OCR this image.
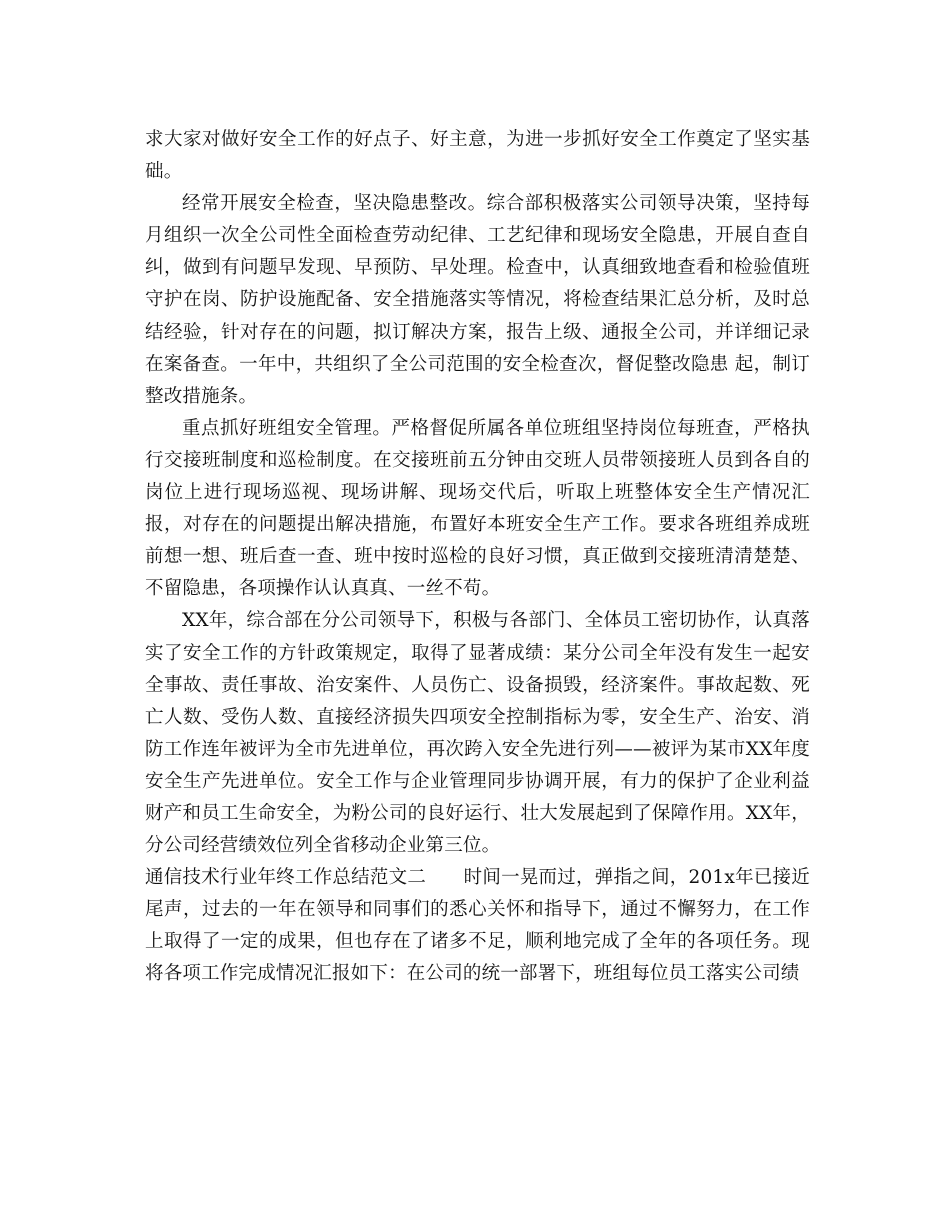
求大家对做好安全工作的好点子、好主意，为进一步抓好安全工作奠定了坚实基础。

经常开展安全检查，坚决隐患整改。综合部积极落实公司领导决策，坚持每月组织一次全公司性全面检查劳动纪律、工艺纪律和现场安全隐患，开展自查自纠，做到有问题早发现、早预防、早处理。检查中，认真细致地查看和检验值班守护在岗、防护设施配备、安全措施落实等情况，将检查结果汇总分析，及时总结经验，针对存在的问题，拟订解决方案，报告上级、通报全公司，并详细记录在案备查。一年中，共组织了全公司范围的安全检查次，督促整改隐患 起，制订整改措施条。

重点抓好班组安全管理。严格督促所属各单位班组坚持岗位每班查，严格执行交接班制度和巡检制度。在交接班前五分钟由交班人员带领接班人员到各自的岗位上进行现场巡视、现场讲解、现场交代后，听取上班整体安全生产情况汇报，对存在的问题提出解决措施，布置好本班安全生产工作。要求各班组养成班前想一想、班后查一查、班中按时巡检的良好习惯，真正做到交接班清清楚楚、不留隐患，各项操作认认真真、一丝不苟。

XX年，综合部在分公司领导下，积极与各部门、全体员工密切协作，认真落实了安全工作的方针政策规定，取得了显著成绩：某分公司全年没有发生一起安全事故、责任事故、治安案件、人员伤亡、设备损毁，经济案件。事故起数、死亡人数、受伤人数、直接经济损失四项安全控制指标为零，安全生产、治安、消防工作连年被评为全市先进单位，再次跨入安全先进行列——被评为某市XX年度安全生产先进单位。安全工作与企业管理同步协调开展，有力的保护了企业利益财产和员工生命安全，为粉公司的良好运行、壮大发展起到了保障作用。XX年，分公司经营绩效位列全省移动企业第三位。

通信技术行业年终工作总结范文二　　时间一晃而过，弹指之间，201x年已接近尾声，过去的一年在领导和同事们的悉心关怀和指导下，通过不懈努力，在工作上取得了一定的成果，但也存在了诸多不足，顺利地完成了全年的各项任务。现将各项工作完成情况汇报如下：在公司的统一部署下，班组每位员工落实公司绩
